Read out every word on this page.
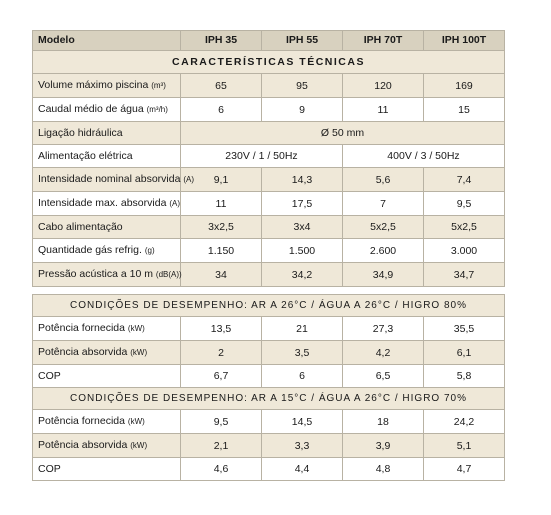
Modelo	IPH 35	IPH 55	IPH 70T	IPH 100T
CARACTERÍSTICAS TÉCNICAS				
Volume máximo piscina (m³)	65	95	120	169
Caudal médio de água (m³/h)	6	9	11	15
Ligação hidráulica	Ø 50 mm			
Alimentação elétrica	230V / 1 / 50Hz		400V / 3 / 50Hz	
Intensidade nominal absorvida (A)	9,1	14,3	5,6	7,4
Intensidade max. absorvida (A)	11	17,5	7	9,5
Cabo alimentação	3x2,5	3x4	5x2,5	5x2,5
Quantidade gás refrig. (g)	1.150	1.500	2.600	3.000
Pressão acústica a 10 m (dB(A))	34	34,2	34,9	34,7
CONDIÇÕES DE DESEMPENHO: AR A 26°C / ÁGUA A 26°C / HIGRO 80%				
Potência fornecida (kW)	13,5	21	27,3	35,5
Potência absorvida (kW)	2	3,5	4,2	6,1
COP	6,7	6	6,5	5,8
CONDIÇÕES DE DESEMPENHO: AR A 15°C / ÁGUA A 26°C / HIGRO 70%				
Potência fornecida (kW)	9,5	14,5	18	24,2
Potência absorvida (kW)	2,1	3,3	3,9	5,1
COP	4,6	4,4	4,8	4,7
